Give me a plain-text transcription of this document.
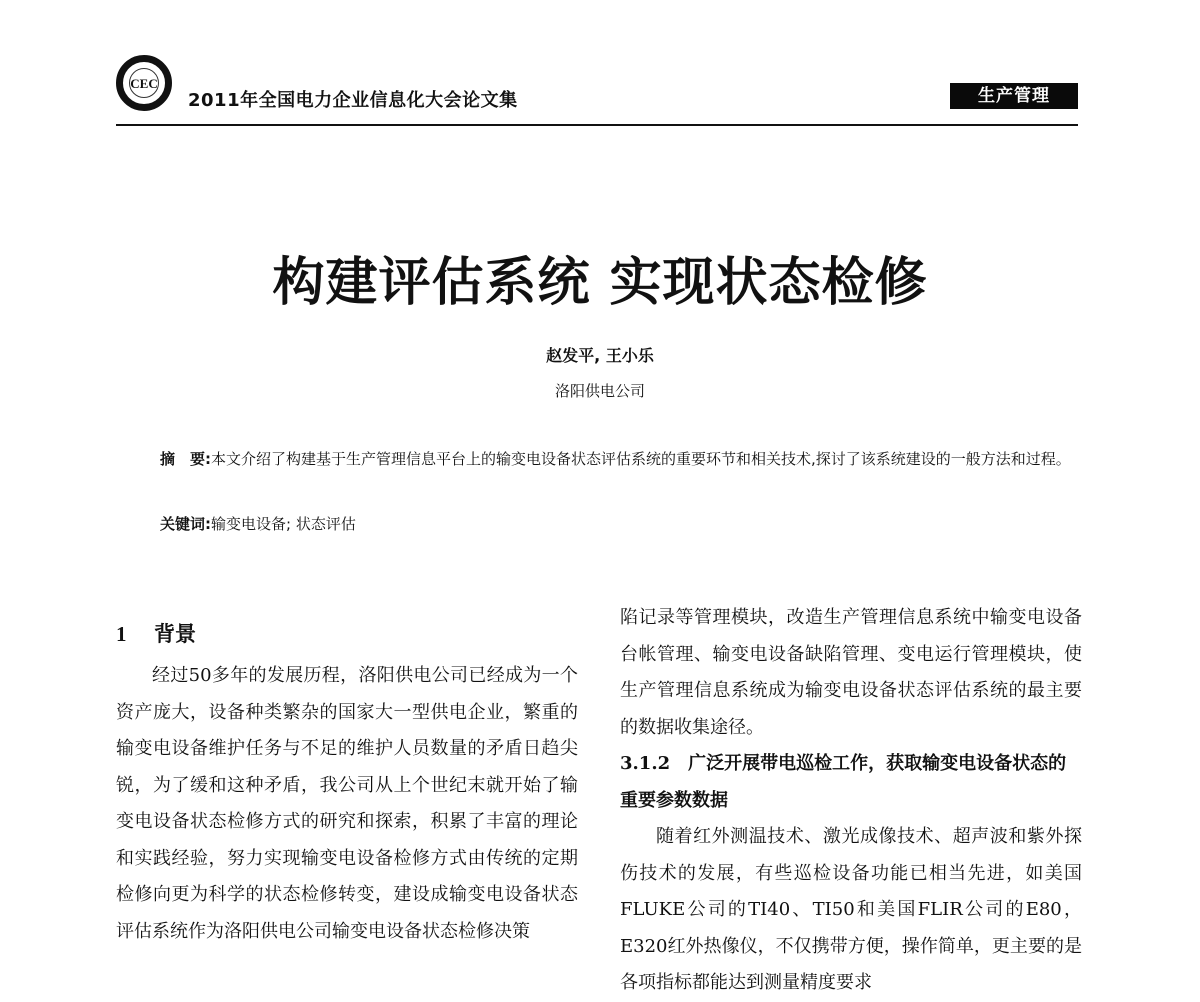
CEC
2011年全国电力企业信息化大会论文集	生产管理
构建评估系统 实现状态检修
赵发平, 王小乐
洛阳供电公司
摘　要:本文介绍了构建基于生产管理信息平台上的输变电设备状态评估系统的重要环节和相关技术,探讨了该系统建设的一般方法和过程。
关键词:输变电设备; 状态评估
1 背景

经过50多年的发展历程，洛阳供电公司已经成为一个资产庞大，设备种类繁杂的国家大一型供电企业，繁重的输变电设备维护任务与不足的维护人员数量的矛盾日趋尖锐，为了缓和这种矛盾，我公司从上个世纪末就开始了输变电设备状态检修方式的研究和探索，积累了丰富的理论和实践经验，努力实现输变电设备检修方式由传统的定期检修向更为科学的状态检修转变，建设成输变电设备状态评估系统作为洛阳供电公司输变电设备状态检修决策

陷记录等管理模块，改造生产管理信息系统中输变电设备台帐管理、输变电设备缺陷管理、变电运行管理模块，使生产管理信息系统成为输变电设备状态评估系统的最主要的数据收集途径。

3.1.2　 广泛开展带电巡检工作，获取输变电设备状态的重要参数数据

随着红外测温技术、激光成像技术、超声波和紫外探伤技术的发展，有些巡检设备功能已相当先进，如美国FLUKE公司的TI40、TI50和美国FLIR公司的E80，E320红外热像仪，不仅携带方便，操作简单，更主要的是各项指标都能达到测量精度要求
